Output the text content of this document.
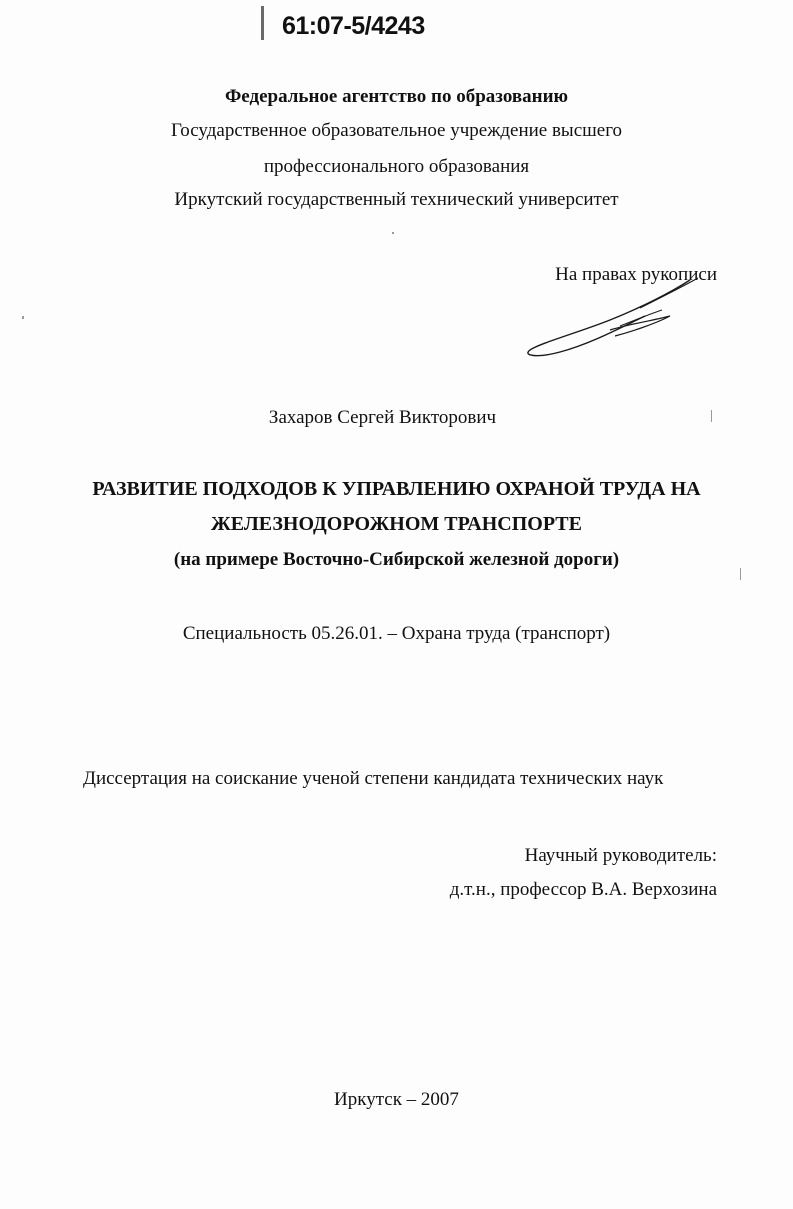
61:07-5/4243
Федеральное агентство по образованию
Государственное образовательное учреждение высшего
профессионального образования
Иркутский государственный технический университет
На правах рукописи
Захаров Сергей Викторович
РАЗВИТИЕ ПОДХОДОВ К УПРАВЛЕНИЮ ОХРАНОЙ ТРУДА НА
ЖЕЛЕЗНОДОРОЖНОМ ТРАНСПОРТЕ
(на примере Восточно-Сибирской железной дороги)
Специальность 05.26.01. – Охрана труда (транспорт)
Диссертация на соискание ученой степени кандидата технических наук
Научный руководитель:
д.т.н., профессор В.А. Верхозина
Иркутск – 2007
